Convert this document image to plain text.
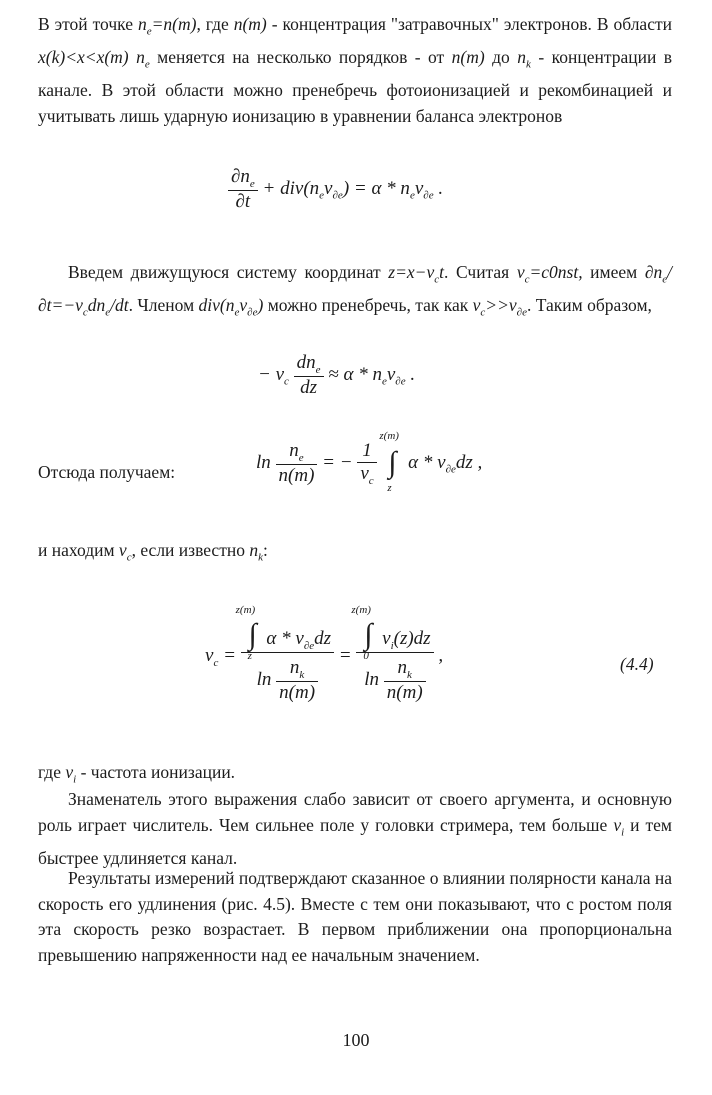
В этой точке $n_e=n(m)$, где n(m) - концентрация "затравочных" электронов. В области x(k)<x<x(m) $n_e$ меняется на несколько порядков - от n(m) до $n_k$ - концентрации в канале. В этой области можно пренебречь фотоионизацией и рекомбинацией и учитывать лишь ударную ионизацию в уравнении баланса электронов

$\frac{\partial n_e}{\partial t} + div(n_ev_{\partial e}) = \alpha * n_ev_{\partial e}$ .

Введем движущуюся систему координат $z=x-v_ct$. Считая $v_c=c0nst$, имеем $\partial n_e/\partial t=-v_cdn_e/dt$. Членом $div(n_ev_{\partial e})$ можно пренебречь, так как $v_c>>v_{\partial e}$. Таким образом,

− $v_c \frac{dn_e}{dz} \approx \alpha * n_ev_{\partial e}$ .
Отсюда получаем:	$\ln \frac{n_e}{n(m)}$ = − $\frac{1}{v_c}$

z(m)
∫
z
α * $v_{\partial e}dz$ ,

и находим $v_c$, если известно $n_k$:

$v_c = z(m)$
∫
z
α * $v_{\partial e}dz$
$\ln \frac{n_k}{n(m)} = z(m)$
∫
0
$v_i(z)dz$
$\ln \frac{n_k}{n(m)}$ ,	(4.4)

где $v_i$ - частота ионизации.

Знаменатель этого выражения слабо зависит от своего аргумента, и основную роль играет числитель. Чем сильнее поле у головки стримера, тем больше $v_i$ и тем быстрее удлиняется канал.

Результаты измерений подтверждают сказанное о влиянии полярности канала на скорость его удлинения (рис. 4.5). Вместе с тем они показывают, что с ростом поля эта скорость резко возрастает. В первом приближении она пропорциональна превышению напряженности над ее начальным значением.

100
